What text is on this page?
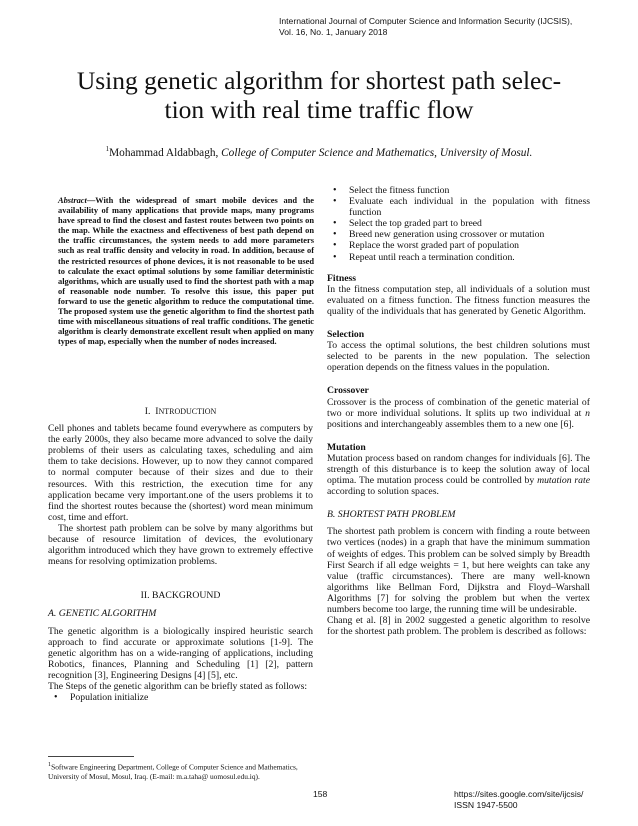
International Journal of Computer Science and Information Security (IJCSIS),
Vol. 16, No. 1, January 2018
Using genetic algorithm for shortest path selec-
tion with real time traffic flow
$^1$Mohammad Aldabbagh, College of Computer Science and Mathematics, University of Mosul.
Abstract—With the widespread of smart mobile devices and the availability of many applications that provide maps, many programs have spread to find the closest and fastest routes between two points on the map. While the exactness and effectiveness of best path depend on the traffic circumstances, the system needs to add more parameters such as real traffic density and velocity in road. In addition, because of the restricted resources of phone devices, it is not reasonable to be used to calculate the exact optimal solutions by some familiar deterministic algorithms, which are usually used to find the shortest path with a map of reasonable node number. To resolve this issue, this paper put forward to use the genetic algorithm to reduce the computational time. The proposed system use the genetic algorithm to find the shortest path time with miscellaneous situations of real traffic conditions. The genetic algorithm is clearly demonstrate excellent result when applied on many types of map, especially when the number of nodes increased.
I. INTRODUCTION

Cell phones and tablets became found everywhere as computers by the early 2000s, they also became more advanced to solve the daily problems of their users as calculating taxes, scheduling and aim them to take decisions. However, up to now they cannot compared to normal computer because of their sizes and due to their resources. With this restriction, the execution time for any application became very important.one of the users problems it to find the shortest routes because the (shortest) word mean minimum cost, time and effort.

The shortest path problem can be solve by many algorithms but because of resource limitation of devices, the evolutionary algorithm introduced which they have grown to extremely effective means for resolving optimization problems.

II. BACKGROUND
A. GENETIC ALGORITHM

The genetic algorithm is a biologically inspired heuristic search approach to find accurate or approximate solutions [1-9]. The genetic algorithm has on a wide-ranging of applications, including Robotics, finances, Planning and Scheduling [1] [2], pattern recognition [3], Engineering Designs [4] [5], etc.

The Steps of the genetic algorithm can be briefly stated as follows:

• Population initialize
• Select the fitness function
• Evaluate each individual in the population with fitness function
• Select the top graded part to breed
• Breed new generation using crossover or mutation
• Replace the worst graded part of population
• Repeat until reach a termination condition.
Fitness

In the fitness computation step, all individuals of a solution must evaluated on a fitness function. The fitness function measures the quality of the individuals that has generated by Genetic Algorithm.

Selection

To access the optimal solutions, the best children solutions must selected to be parents in the new population. The selection operation depends on the fitness values in the population.

Crossover

Crossover is the process of combination of the genetic material of two or more individual solutions. It splits up two individual at n positions and interchangeably assembles them to a new one [6].

Mutation

Mutation process based on random changes for individuals [6]. The strength of this disturbance is to keep the solution away of local optima. The mutation process could be controlled by mutation rate according to solution spaces.

B. SHORTEST PATH PROBLEM

The shortest path problem is concern with finding a route between two vertices (nodes) in a graph that have the minimum summation of weights of edges. This problem can be solved simply by Breadth First Search if all edge weights = 1, but here weights can take any value (traffic circumstances). There are many well-known algorithms like Bellman Ford, Dijkstra and Floyd–Warshall Algorithms [7] for solving the problem but when the vertex numbers become too large, the running time will be undesirable.

Chang et al. [8] in 2002 suggested a genetic algorithm to resolve for the shortest path problem. The problem is described as follows:

$^1$Software Engineering Department, College of Computer Science and Mathematics, University of Mosul, Mosul, Iraq. (E-mail: m.a.taha@ uomosul.edu.iq).
158	https://sites.google.com/site/ijcsis/
ISSN 1947-5500
